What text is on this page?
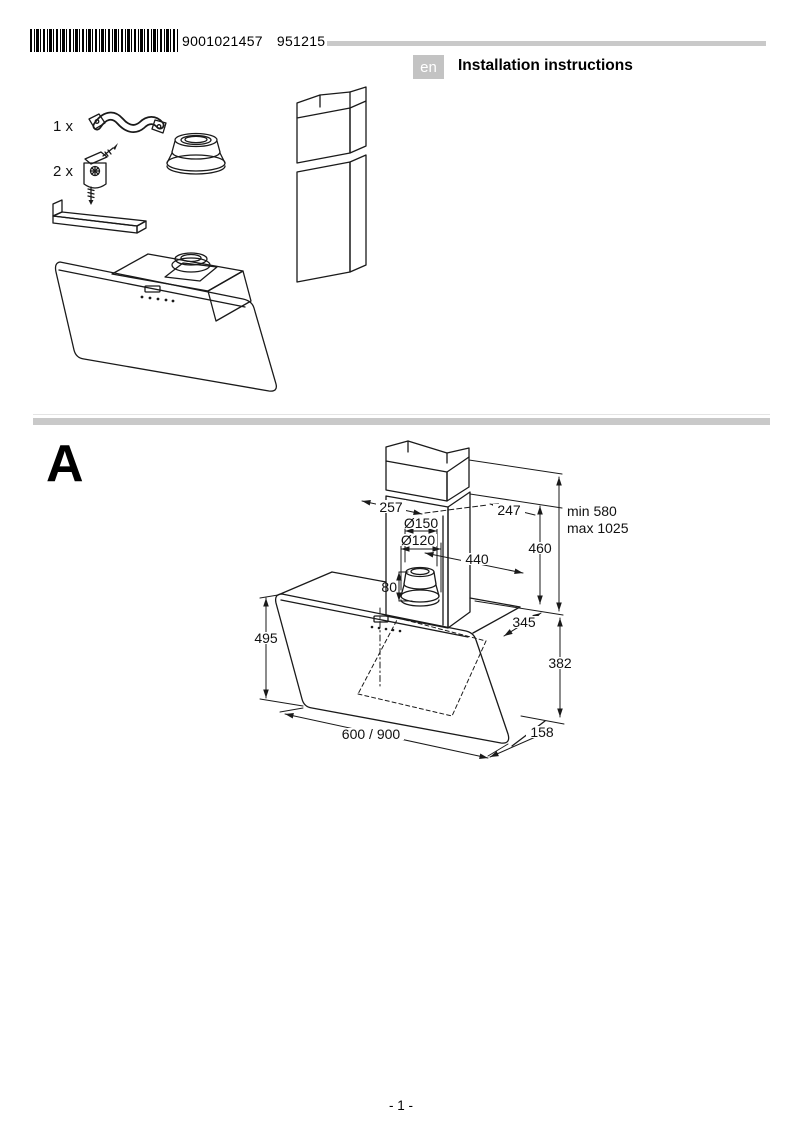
9001021457 951215
en	Installation instructions
A
1 x
2 x
257	247
Ø150
Ø120
440
80
460
min 580
max 1025
345
382
495
600 / 900	158
- 1 -
